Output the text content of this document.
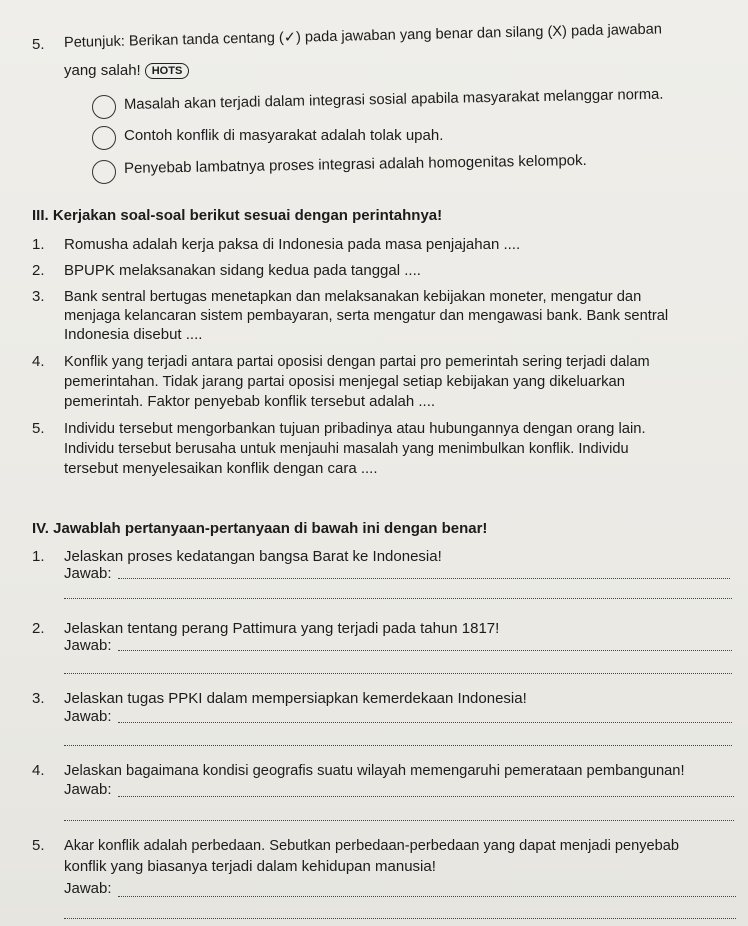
5. Petunjuk: Berikan tanda centang (✓) pada jawaban yang benar dan silang (X) pada jawaban
yang salah! HOTS
Masalah akan terjadi dalam integrasi sosial apabila masyarakat melanggar norma.
Contoh konflik di masyarakat adalah tolak upah.
Penyebab lambatnya proses integrasi adalah homogenitas kelompok.
III. Kerjakan soal-soal berikut sesuai dengan perintahnya!
1. Romusha adalah kerja paksa di Indonesia pada masa penjajahan ....
2. BPUPK melaksanakan sidang kedua pada tanggal ....
3. Bank sentral bertugas menetapkan dan melaksanakan kebijakan moneter, mengatur dan
menjaga kelancaran sistem pembayaran, serta mengatur dan mengawasi bank. Bank sentral
Indonesia disebut ....
4. Konflik yang terjadi antara partai oposisi dengan partai pro pemerintah sering terjadi dalam
pemerintahan. Tidak jarang partai oposisi menjegal setiap kebijakan yang dikeluarkan
pemerintah. Faktor penyebab konflik tersebut adalah ....
5. Individu tersebut mengorbankan tujuan pribadinya atau hubungannya dengan orang lain.
Individu tersebut berusaha untuk menjauhi masalah yang menimbulkan konflik. Individu
tersebut menyelesaikan konflik dengan cara ....
IV. Jawablah pertanyaan-pertanyaan di bawah ini dengan benar!
1. Jelaskan proses kedatangan bangsa Barat ke Indonesia!
Jawab:
2. Jelaskan tentang perang Pattimura yang terjadi pada tahun 1817!
Jawab:
3. Jelaskan tugas PPKI dalam mempersiapkan kemerdekaan Indonesia!
Jawab:
4. Jelaskan bagaimana kondisi geografis suatu wilayah memengaruhi pemerataan pembangunan!
Jawab:
5. Akar konflik adalah perbedaan. Sebutkan perbedaan-perbedaan yang dapat menjadi penyebab
konflik yang biasanya terjadi dalam kehidupan manusia!
Jawab:
